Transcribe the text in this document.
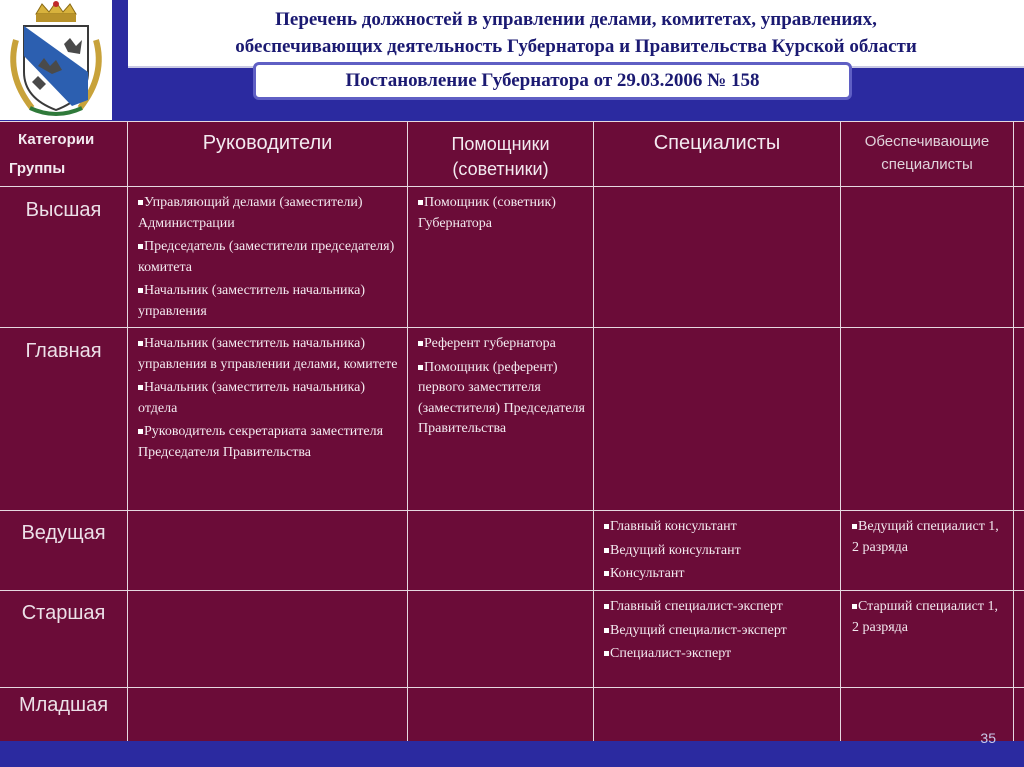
Перечень должностей в управлении делами, комитетах, управлениях,
обеспечивающих деятельность Губернатора и Правительства Курской области
Постановление Губернатора от 29.03.2006 № 158
Категории
Группы
Руководители	Помощники
(советники)
Специалисты	Обеспечивающие
специалисты
Высшая
Главная
Ведущая
Старшая
Младшая
Управляющий делами (заместители) Администрации
Председатель (заместители председателя) комитета
Начальник (заместитель начальника) управления
Помощник (советник) Губернатора
Начальник (заместитель начальника) управления в управлении делами, комитете
Начальник (заместитель начальника) отдела
Руководитель секретариата заместителя Председателя Правительства
Референт губернатора
Помощник (референт) первого заместителя (заместителя) Председателя Правительства
Главный консультант
Ведущий консультант
Консультант
Ведущий специалист 1, 2 разряда
Главный специалист-эксперт
Ведущий специалист-эксперт
Специалист-эксперт
Старший специалист 1, 2 разряда
35
